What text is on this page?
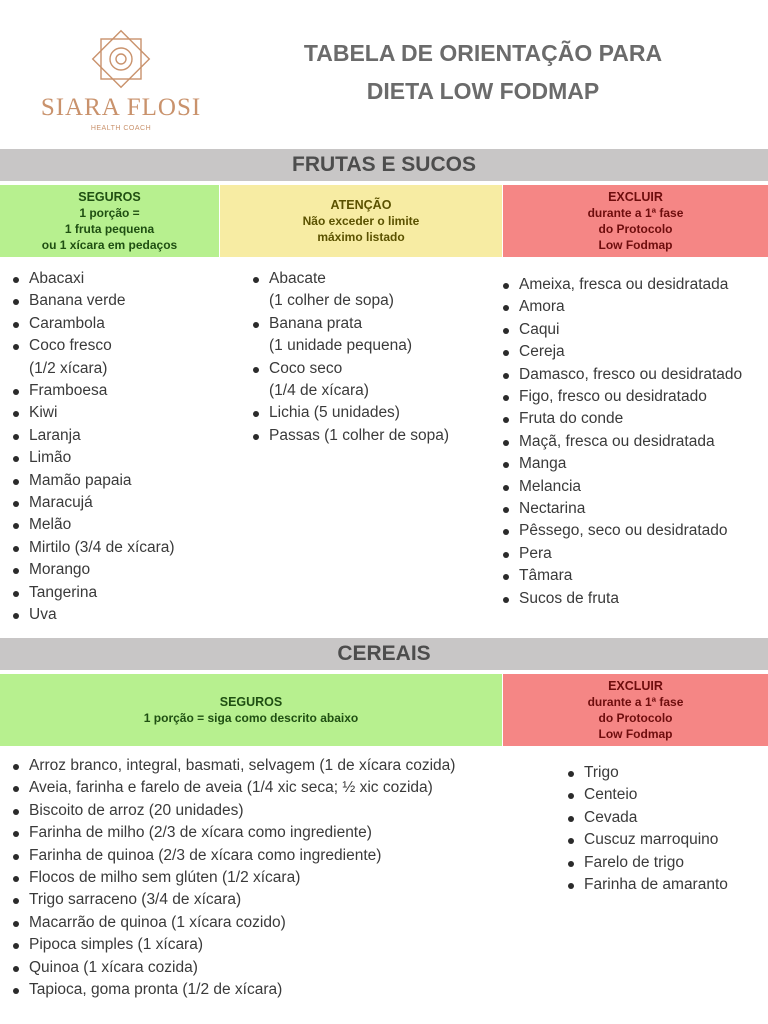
SIARA FLOSI
HEALTH COACH
TABELA DE ORIENTAÇÃO PARA
DIETA LOW FODMAP
FRUTAS E SUCOS
SEGUROS
1 porção =
1 fruta pequena
ou 1 xícara em pedaços
ATENÇÃO
Não exceder o limite
máximo listado
EXCLUIR
durante a 1ª fase
do Protocolo
Low Fodmap
Abacaxi
Banana verde
Carambola
Coco fresco
(1/2 xícara)
Framboesa
Kiwi
Laranja
Limão
Mamão papaia
Maracujá
Melão
Mirtilo (3/4 de xícara)
Morango
Tangerina
Uva
Abacate
(1 colher de sopa)
Banana prata
(1 unidade pequena)
Coco seco
(1/4 de xícara)
Lichia (5 unidades)
Passas (1 colher de sopa)
Ameixa, fresca ou desidratada
Amora
Caqui
Cereja
Damasco, fresco ou desidratado
Figo, fresco ou desidratado
Fruta do conde
Maçã, fresca ou desidratada
Manga
Melancia
Nectarina
Pêssego, seco ou desidratado
Pera
Tâmara
Sucos de fruta
CEREAIS
SEGUROS
1 porção = siga como descrito abaixo
EXCLUIR
durante a 1ª fase
do Protocolo
Low Fodmap
Arroz branco, integral, basmati, selvagem (1 de xícara cozida)
Aveia, farinha e farelo de aveia (1/4 xic seca; ½ xic cozida)
Biscoito de arroz (20 unidades)
Farinha de milho (2/3 de xícara como ingrediente)
Farinha de quinoa (2/3 de xícara como ingrediente)
Flocos de milho sem glúten (1/2 xícara)
Trigo sarraceno (3/4 de xícara)
Macarrão de quinoa (1 xícara cozido)
Pipoca simples (1 xícara)
Quinoa (1 xícara cozida)
Tapioca, goma pronta (1/2 de xícara)
Trigo
Centeio
Cevada
Cuscuz marroquino
Farelo de trigo
Farinha de amaranto
